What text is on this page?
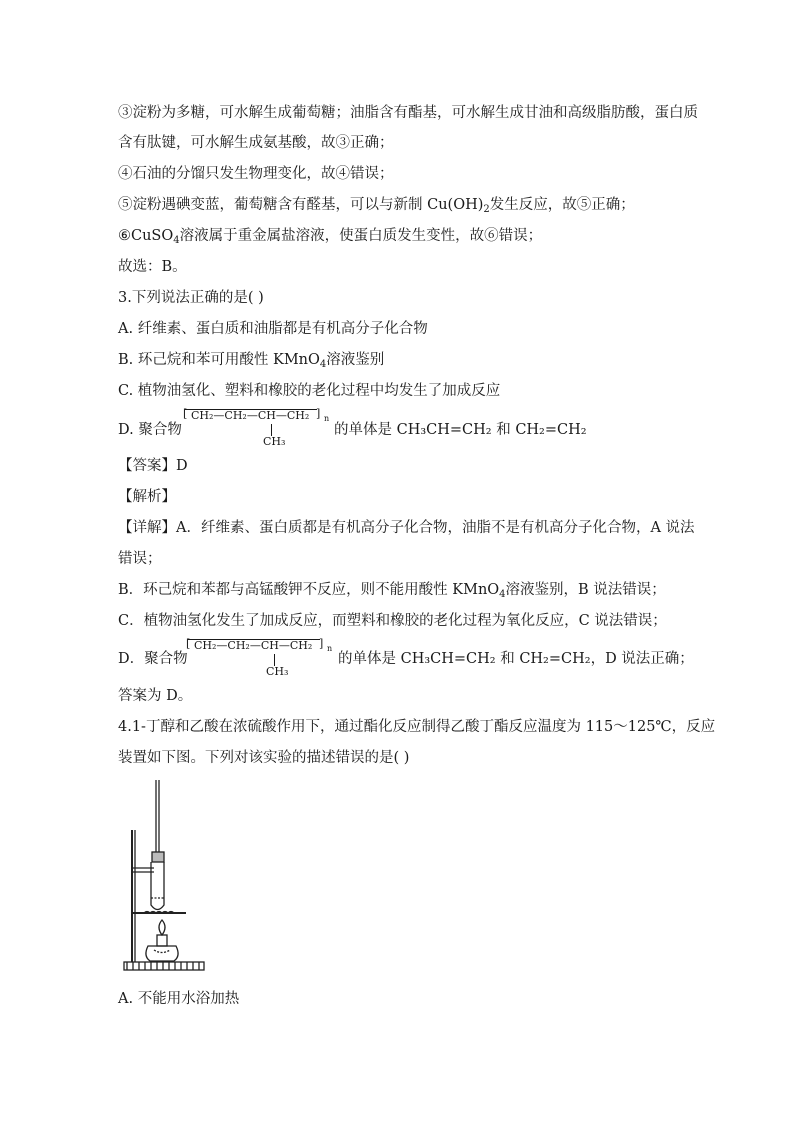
③淀粉为多糖，可水解生成葡萄糖；油脂含有酯基，可水解生成甘油和高级脂肪酸，蛋白质
含有肽键，可水解生成氨基酸，故③正确；
④石油的分馏只发生物理变化，故④错误；
⑤淀粉遇碘变蓝，葡萄糖含有醛基，可以与新制 $Cu(OH)_2$发生反应，故⑤正确；
⑥CuSO$_4$溶液属于重金属盐溶液，使蛋白质发生变性，故⑥错误；
故选：B。
3.下列说法正确的是( )
A. 纤维素、蛋白质和油脂都是有机高分子化合物
B. 环己烷和苯可用酸性 KMnO$_4$溶液鉴别
C. 植物油氢化、塑料和橡胶的老化过程中均发生了加成反应
D. 聚合物
[ CH₂—CH₂—CH—CH₂ ] n
CH₃
的单体是 CH₃CH=CH₂ 和 CH₂=CH₂
【答案】D
【解析】
【详解】A．纤维素、蛋白质都是有机高分子化合物，油脂不是有机高分子化合物，A 说法
错误；
B．环己烷和苯都与高锰酸钾不反应，则不能用酸性 KMnO$_4$溶液鉴别，B 说法错误；
C．植物油氢化发生了加成反应，而塑料和橡胶的老化过程为氧化反应，C 说法错误；
D．聚合物
[ CH₂—CH₂—CH—CH₂ ] n
CH₃
的单体是 CH₃CH=CH₂ 和 CH₂=CH₂，D 说法正确；
答案为 D。
4.1-丁醇和乙酸在浓硫酸作用下，通过酯化反应制得乙酸丁酯反应温度为 115～125℃，反应
装置如下图。下列对该实验的描述错误的是( )
A. 不能用水浴加热
